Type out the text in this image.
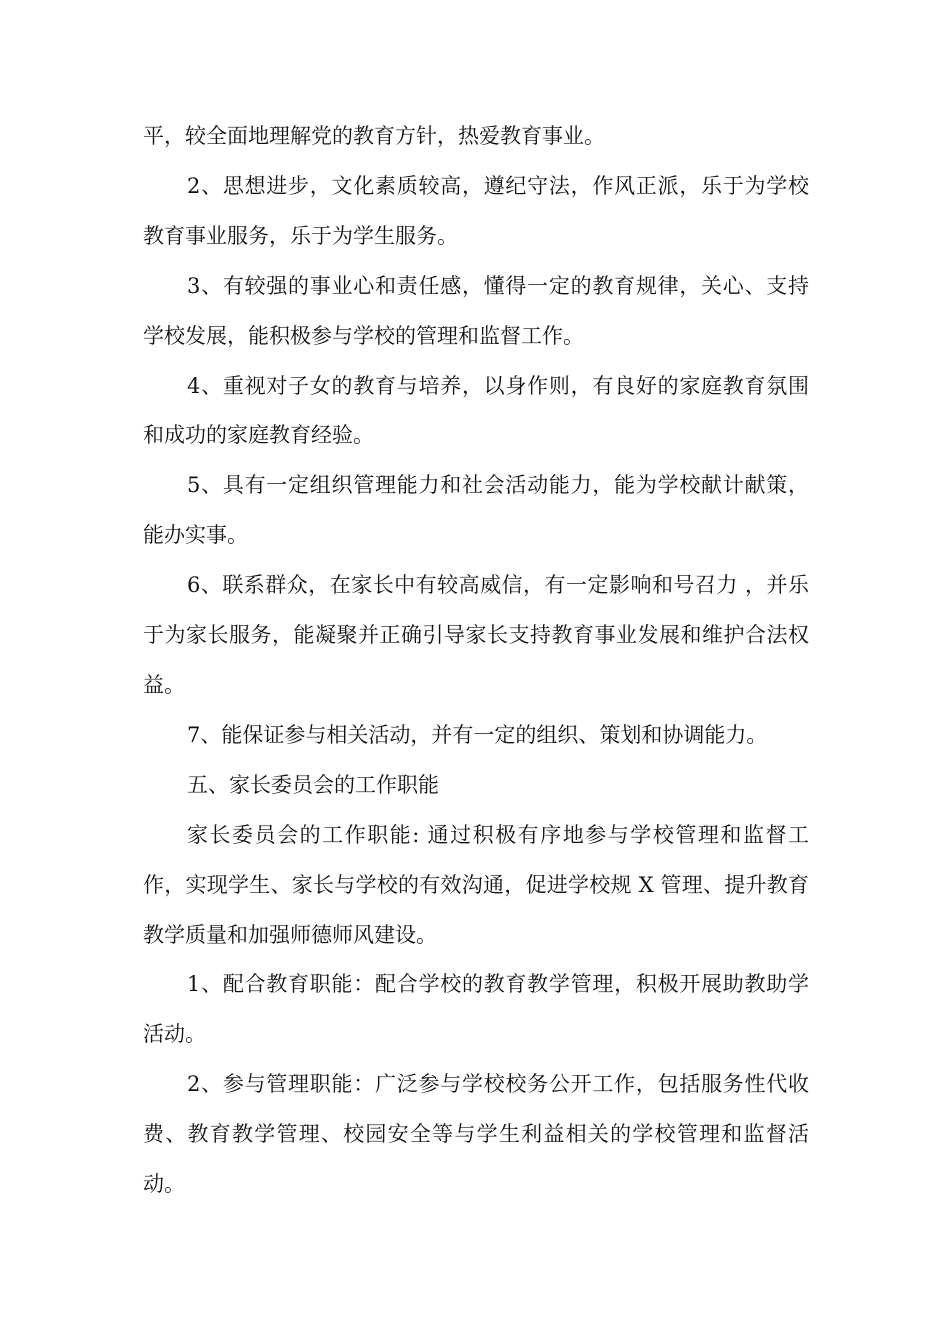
平，较全面地理解党的教育方针，热爱教育事业。

2、思想进步，文化素质较高，遵纪守法，作风正派，乐于为学校教育事业服务，乐于为学生服务。

3、有较强的事业心和责任感，懂得一定的教育规律，关心、支持学校发展，能积极参与学校的管理和监督工作。

4、重视对子女的教育与培养，以身作则，有良好的家庭教育氛围和成功的家庭教育经验。

5、具有一定组织管理能力和社会活动能力，能为学校献计献策，能办实事。

6、联系群众，在家长中有较高威信，有一定影响和号召力 ，并乐于为家长服务，能凝聚并正确引导家长支持教育事业发展和维护合法权益。

7、能保证参与相关活动，并有一定的组织、策划和协调能力。

五、家长委员会的工作职能

家长委员会的工作职能: 通过积极有序地参与学校管理和监督工作，实现学生、家长与学校的有效沟通，促进学校规 X 管理、提升教育教学质量和加强师德师风建设。

1、配合教育职能：配合学校的教育教学管理，积极开展助教助学活动。

2、参与管理职能：广泛参与学校校务公开工作，包括服务性代收费、教育教学管理、校园安全等与学生利益相关的学校管理和监督活动。
